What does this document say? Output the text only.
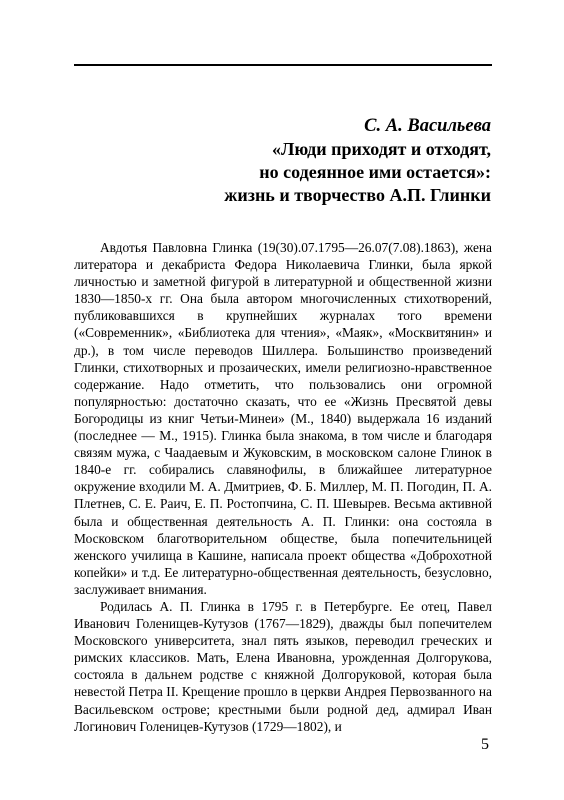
С. А. Васильева
«Люди приходят и отходят,
но содеянное ими остается»:
жизнь и творчество А.П. Глинки

Авдотья Павловна Глинка (19(30).07.1795—26.07(7.08).1863), жена литератора и декабриста Федора Николаевича Глинки, была яркой личностью и заметной фигурой в литературной и общественной жизни 1830—1850-х гг. Она была автором многочисленных стихотворений, публиковавшихся в крупнейших журналах того времени («Современник», «Библиотека для чтения», «Маяк», «Москвитянин» и др.), в том числе переводов Шиллера. Большинство произведений Глинки, стихотворных и прозаических, имели религиозно-нравственное содержание. Надо отметить, что пользовались они огромной популярностью: достаточно сказать, что ее «Жизнь Пресвятой девы Богородицы из книг Четьи-Минеи» (М., 1840) выдержала 16 изданий (последнее — М., 1915). Глинка была знакома, в том числе и благодаря связям мужа, с Чаадаевым и Жуковским, в московском салоне Глинок в 1840-е гг. собирались славянофилы, в ближайшее литературное окружение входили М. А. Дмитриев, Ф. Б. Миллер, М. П. Погодин, П. А. Плетнев, С. Е. Раич, Е. П. Ростопчина, С. П. Шевырев. Весьма активной была и общественная деятельность А. П. Глинки: она состояла в Московском благотворительном обществе, была попечительницей женского училища в Кашине, написала проект общества «Доброхотной копейки» и т.д. Ее литературно-общественная деятельность, безусловно, заслуживает внимания.

Родилась А. П. Глинка в 1795 г. в Петербурге. Ее отец, Павел Иванович Голенищев-Кутузов (1767—1829), дважды был попечителем Московского университета, знал пять языков, переводил греческих и римских классиков. Мать, Елена Ивановна, урожденная Долгорукова, состояла в дальнем родстве с княжной Долгоруковой, которая была невестой Петра II. Крещение прошло в церкви Андрея Первозванного на Васильевском острове; крестными были родной дед, адмирал Иван Логинович Голеницев-Кутузов (1729—1802), и

5
